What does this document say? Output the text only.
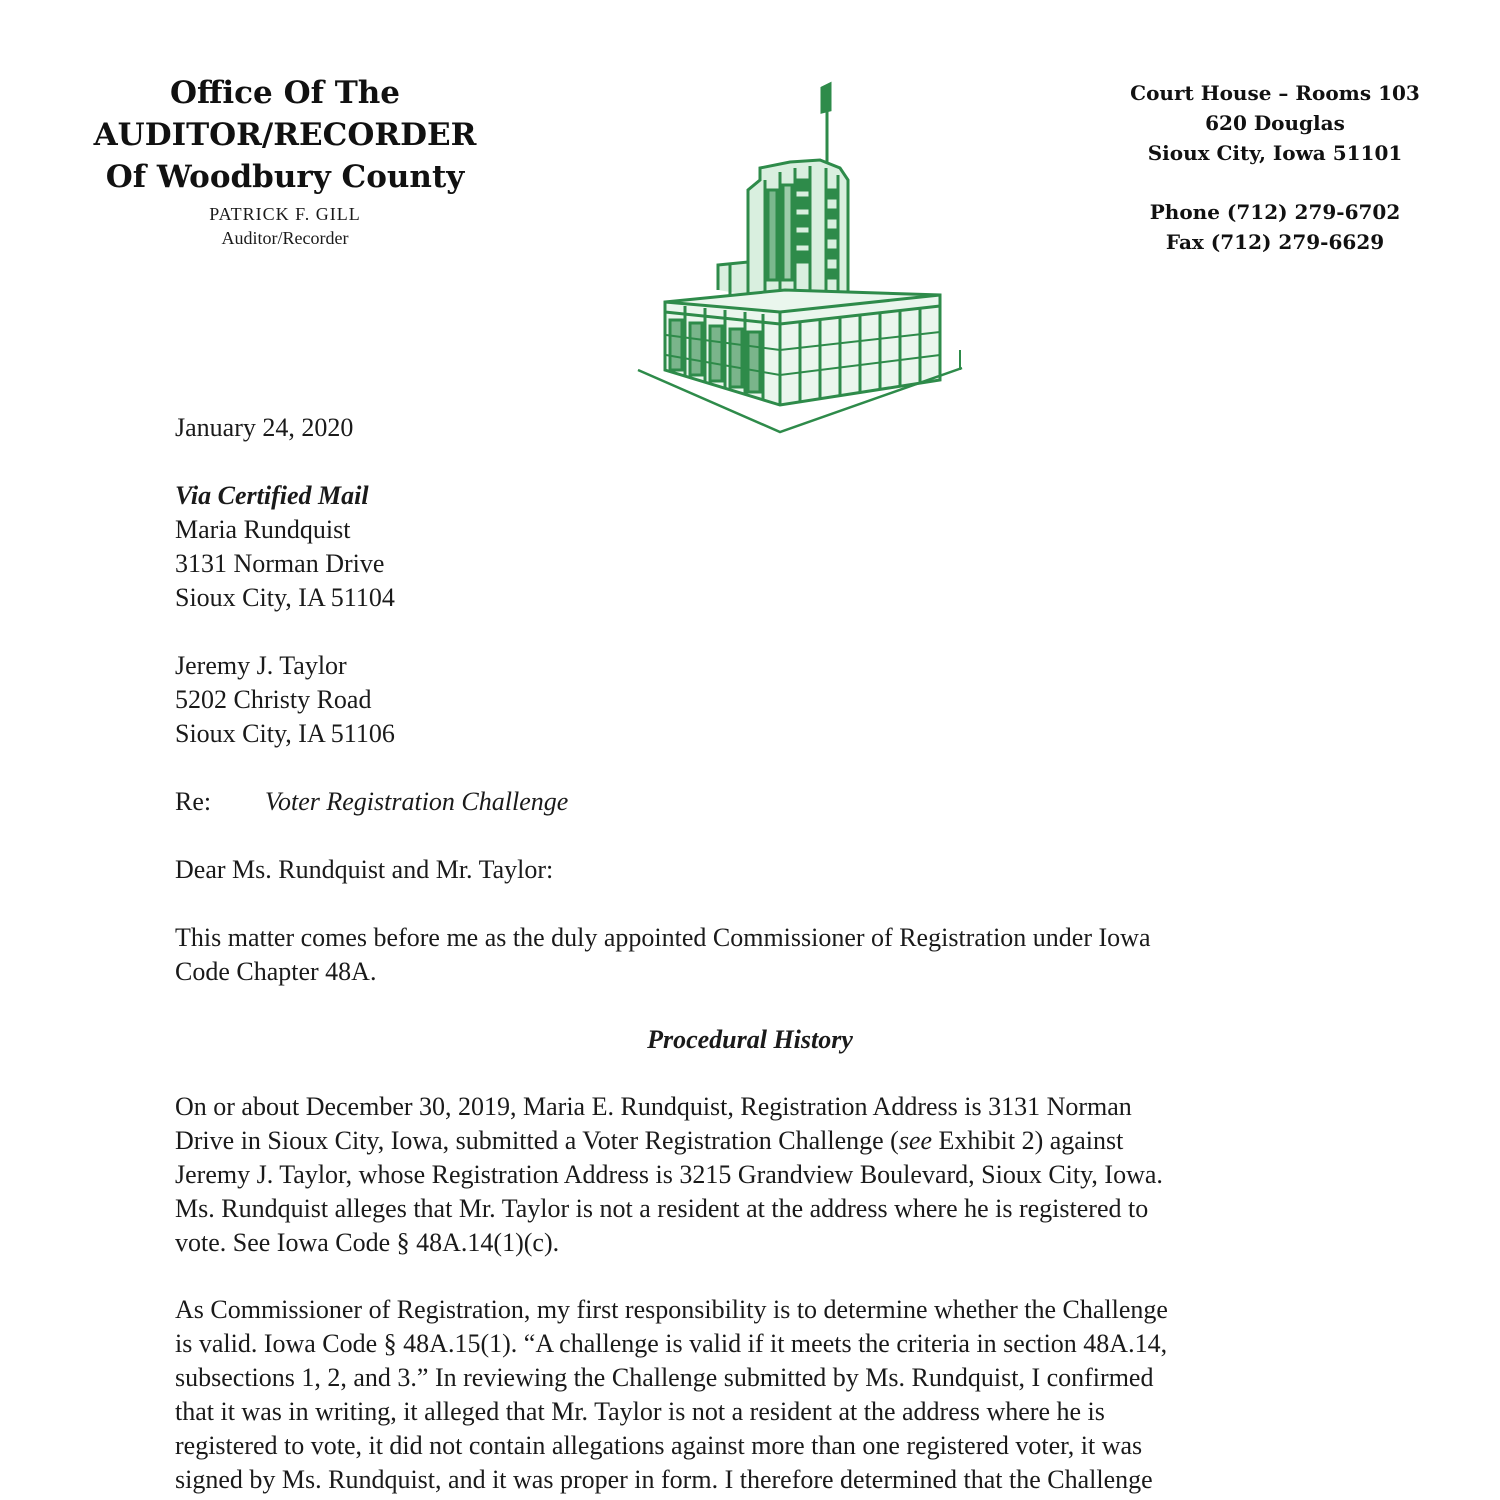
Office Of The
AUDITOR/RECORDER
Of Woodbury County
PATRICK F. GILL
Auditor/Recorder
Court House – Rooms 103
620 Douglas
Sioux City, Iowa 51101
Phone (712) 279-6702
Fax (712) 279-6629
January 24, 2020
Via Certified Mail
Maria Rundquist
3131 Norman Drive
Sioux City, IA 51104
Jeremy J. Taylor
5202 Christy Road
Sioux City, IA 51106
Re: Voter Registration Challenge
Dear Ms. Rundquist and Mr. Taylor:
This matter comes before me as the duly appointed Commissioner of Registration under Iowa
Code Chapter 48A.
Procedural History
On or about December 30, 2019, Maria E. Rundquist, Registration Address is 3131 Norman
Drive in Sioux City, Iowa, submitted a Voter Registration Challenge (see Exhibit 2) against
Jeremy J. Taylor, whose Registration Address is 3215 Grandview Boulevard, Sioux City, Iowa.
Ms. Rundquist alleges that Mr. Taylor is not a resident at the address where he is registered to
vote. See Iowa Code § 48A.14(1)(c).
As Commissioner of Registration, my first responsibility is to determine whether the Challenge
is valid. Iowa Code § 48A.15(1). “A challenge is valid if it meets the criteria in section 48A.14,
subsections 1, 2, and 3.” In reviewing the Challenge submitted by Ms. Rundquist, I confirmed
that it was in writing, it alleged that Mr. Taylor is not a resident at the address where he is
registered to vote, it did not contain allegations against more than one registered voter, it was
signed by Ms. Rundquist, and it was proper in form. I therefore determined that the Challenge
